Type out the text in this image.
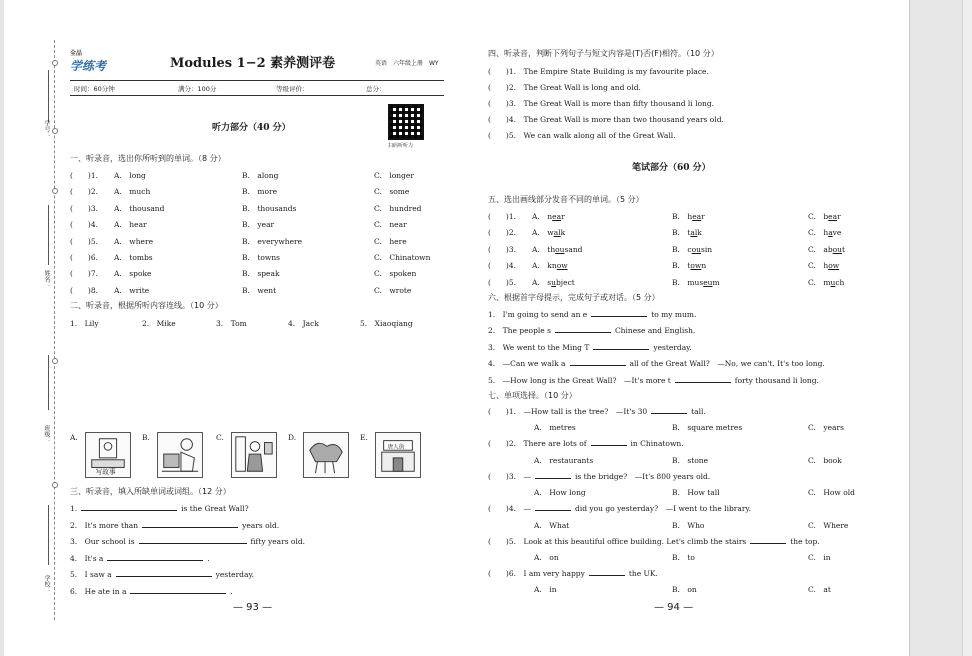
学号：
姓名：
班级：
学校：
全品
学练考	Modules 1−2 素养测评卷	英语　六年级上册　WY
时间：60分钟	满分：100分	等级评价：	总分：
听力部分（40 分）
扫码听听力
一、听录音，选出你所听到的单词。（8 分）
(　　)1. A.　long	B.　along	C.　longer
(　　)2. A.　much	B.　more	C.　some
(　　)3. A.　thousand	B.　thousands	C.　hundred
(　　)4. A.　hear	B.　year	C.　near
(　　)5. A.　where	B.　everywhere	C.　here
(　　)6. A.　tombs	B.　towns	C.　Chinatown
(　　)7. A.　spoke	B.　speak	C.　spoken
(　　)8. A.　write	B.　went	C.　wrote
二、听录音，根据所听内容连线。（10 分）
1.　Lily	2.　Mike	3.　Tom	4.　Jack	5.　Xiaoqiang
A.
写故事
B.	C.	D.	E.
唐人街
三、听录音，填入所缺单词或词组。（12 分）
1.	is the Great Wall?
2.　It's more than	years old.
3.　Our school is	fifty years old.
4.　It's a	.
5.　I saw a	yesterday.
6.　He ate in a	.
— 93 —
四、听录音，判断下列句子与短文内容是(T)否(F)相符。（10 分）
(　　)1.　The Empire State Building is my favourite place.
(　　)2.　The Great Wall is long and old.
(　　)3.　The Great Wall is more than fifty thousand li long.
(　　)4.　The Great Wall is more than two thousand years old.
(　　)5.　We can walk along all of the Great Wall.
笔试部分（60 分）
五、选出画线部分发音不同的单词。（5 分）
(　　)1. A.　near	B.　hear	C.　bear
(　　)2. A.　walk	B.　talk	C.　have
(　　)3. A.　thousand	B.　cousin	C.　about
(　　)4. A.　know	B.　town	C.　how
(　　)5. A.　subject	B.　museum	C.　much
六、根据首字母提示，完成句子或对话。（5 分）
1.　I'm going to send an e	to my mum.
2.　The people s	Chinese and English.
3.　We went to the Ming T	yesterday.
4.　—Can we walk a	all of the Great Wall?　—No, we can't. It's too long.
5.　—How long is the Great Wall?　—It's more t	forty thousand li long.
七、单项选择。（10 分）
(　　)1.　—How tall is the tree?　—It's 30	tall.
A.　metres	B.　square metres	C.　years
(　　)2.　There are lots of	in Chinatown.
A.　restaurants	B.　stone	C.　book
(　　)3.　—	is the bridge?　—It's 800 years old.
A.　How long	B.　How tall	C.　How old
(　　)4.　—	did you go yesterday?　—I went to the library.
A.　What	B.　Who	C.　Where
(　　)5.　Look at this beautiful office building. Let's climb the stairs	the top.
A.　on	B.　to	C.　in
(　　)6.　I am very happy	the UK.
A.　in	B.　on	C.　at
— 94 —
